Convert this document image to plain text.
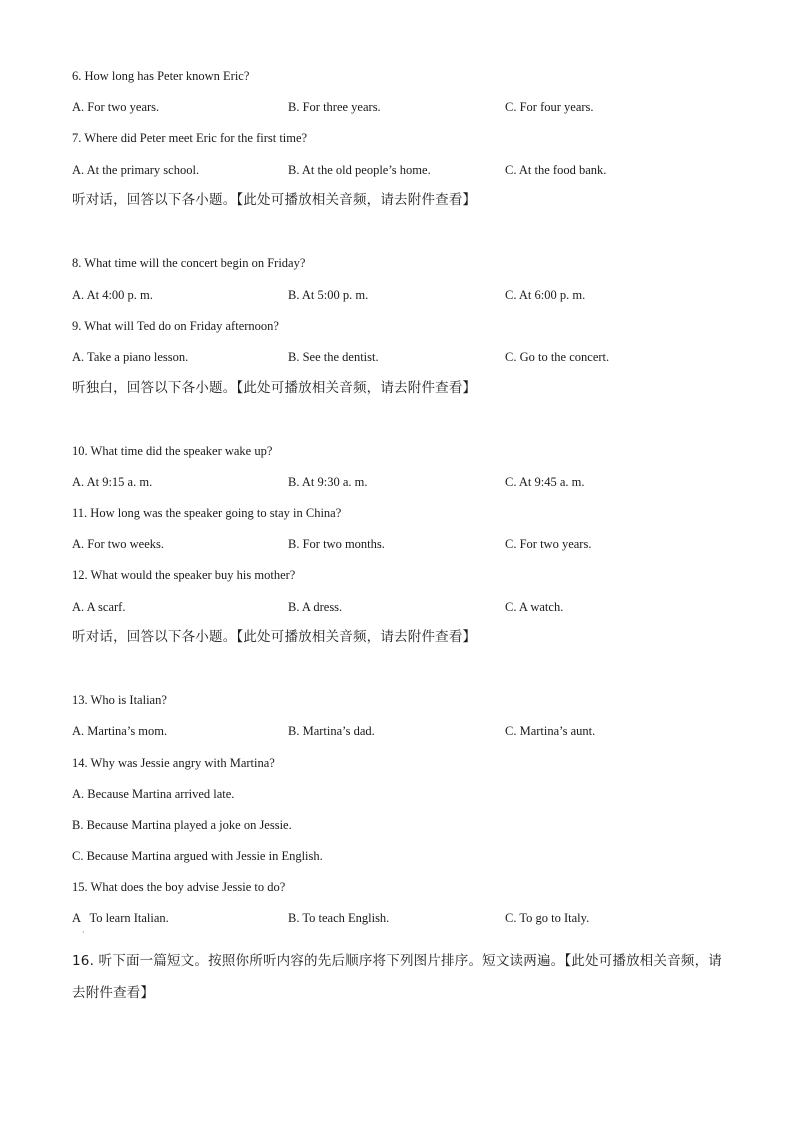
6. How long has Peter known Eric?
A. For two years.	B. For three years.	C. For four years.
7. Where did Peter meet Eric for the first time?
A. At the primary school.	B. At the old people’s home.	C. At the food bank.
听对话，回答以下各小题。【此处可播放相关音频，请去附件查看】
8. What time will the concert begin on Friday?
A. At 4:00 p. m.	B. At 5:00 p. m.	C. At 6:00 p. m.
9. What will Ted do on Friday afternoon?
A. Take a piano lesson.	B. See the dentist.	C. Go to the concert.
听独白，回答以下各小题。【此处可播放相关音频，请去附件查看】
10. What time did the speaker wake up?
A. At 9:15 a. m.	B. At 9:30 a. m.	C. At 9:45 a. m.
11. How long was the speaker going to stay in China?
A. For two weeks.	B. For two months.	C. For two years.
12. What would the speaker buy his mother?
A. A scarf.	B. A dress.	C. A watch.
听对话，回答以下各小题。【此处可播放相关音频，请去附件查看】
13. Who is Italian?
A. Martina’s mom.	B. Martina’s dad.	C. Martina’s aunt.
14. Why was Jessie angry with Martina?
A. Because Martina arrived late.
B. Because Martina played a joke on Jessie.
C. Because Martina argued with Jessie in English.
15. What does the boy advise Jessie to do?
A   To learn Italian.	B. To teach English.	C. To go to Italy.
·
16. 听下面一篇短文。按照你所听内容的先后顺序将下列图片排序。短文读两遍。【此处可播放相关音频，请去附件查看】
